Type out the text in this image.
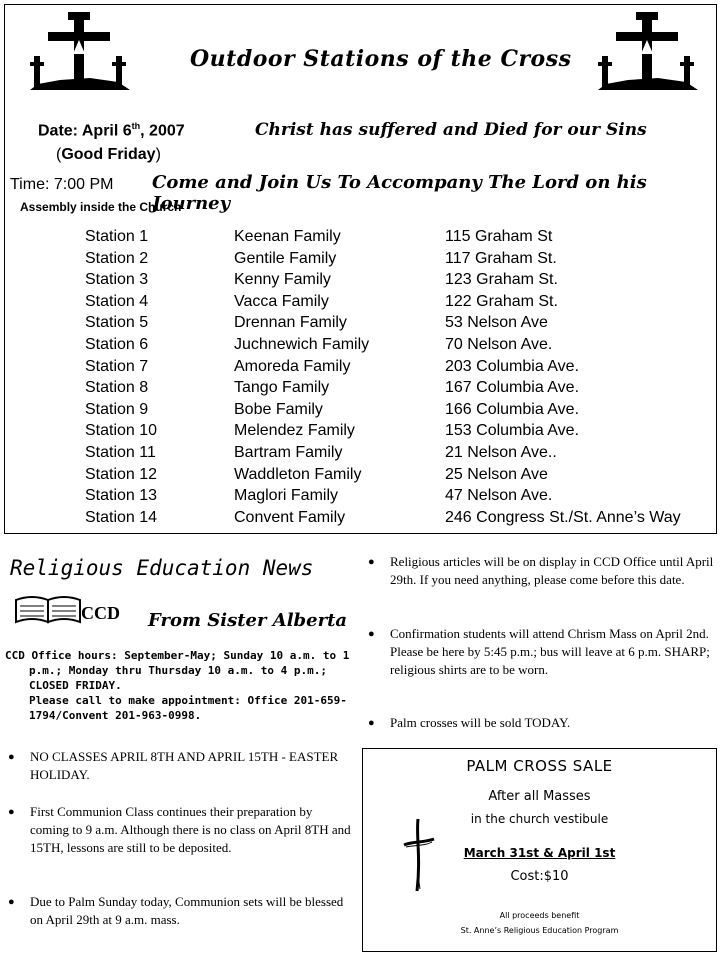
Outdoor Stations of the Cross
Date: April 6th, 2007
(Good Friday)
Christ has suffered and Died for our Sins
Time: 7:00 PM Come and Join Us To Accompany The Lord on his Journey
Assembly inside the Church
Station 1	Keenan Family	115 Graham St
Station 2	Gentile Family	117 Graham St.
Station 3	Kenny Family	123 Graham St.
Station 4	Vacca Family	122 Graham St.
Station 5	Drennan Family	53 Nelson Ave
Station 6	Juchnewich Family	70 Nelson Ave.
Station 7	Amoreda Family	203 Columbia Ave.
Station 8	Tango Family	167 Columbia Ave.
Station 9	Bobe Family	166 Columbia Ave.
Station 10	Melendez Family	153 Columbia Ave.
Station 11	Bartram Family	21 Nelson Ave..
Station 12	Waddleton Family	25 Nelson Ave
Station 13	Maglori Family	47 Nelson Ave.
Station 14	Convent Family	246 Congress St./St. Anne’s Way
Religious Education News
CCD From Sister Alberta

CCD Office hours: September-May; Sunday 10 a.m. to 1 p.m.; Monday thru Thursday 10 a.m. to 4 p.m.; CLOSED FRIDAY.

Please call to make appointment: Office 201-659-1794/Convent 201-963-0998.

● NO CLASSES APRIL 8TH AND APRIL 15TH - EASTER HOLIDAY.
● First Communion Class continues their preparation by coming to 9 a.m. Although there is no class on April 8TH and 15TH, lessons are still to be deposited.
● Due to Palm Sunday today, Communion sets will be blessed on April 29th at 9 a.m. mass.
● Religious articles will be on display in CCD Office until April 29th. If you need anything, please come before this date.
● Confirmation students will attend Chrism Mass on April 2nd. Please be here by 5:45 p.m.; bus will leave at 6 p.m. SHARP; religious shirts are to be worn.
● Palm crosses will be sold TODAY.
PALM CROSS SALE
After all Masses
in the church vestibule
March 31st & April 1st
Cost:$10
All proceeds benefit
St. Anne’s Religious Education Program
